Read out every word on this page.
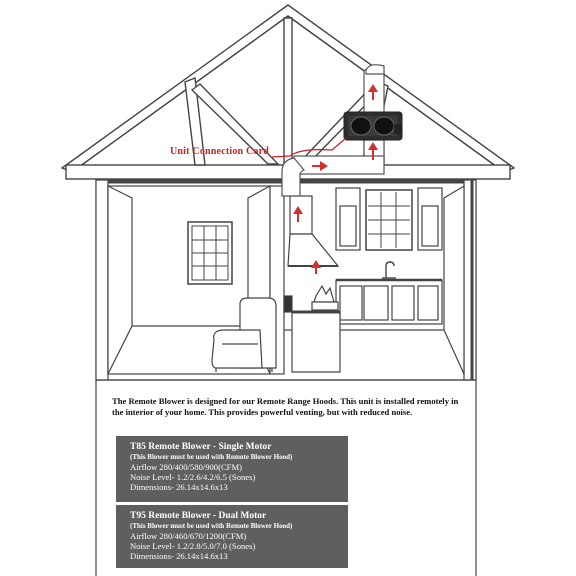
Unit Connection Cord
The Remote Blower is designed for our Remote Range Hoods. This unit is installed remotely in the interior of your home. This provides powerful venting, but with reduced noise.
T85 Remote Blower - Single Motor
(This Blower must be used with Remote Blower Hood)
Airflow 280/400/580/900(CFM)
Noise Level- 1.2/2.6/4.2/6.5 (Sones)
Dimensions- 26.14x14.6x13
T95 Remote Blower - Dual Motor
(This Blower must be used with Remote Blower Hood)
Airflow 280/460/670/1200(CFM)
Noise Level- 1.2/2.8/5.0/7.0 (Sones)
Dimensions- 26.14x14.6x13
